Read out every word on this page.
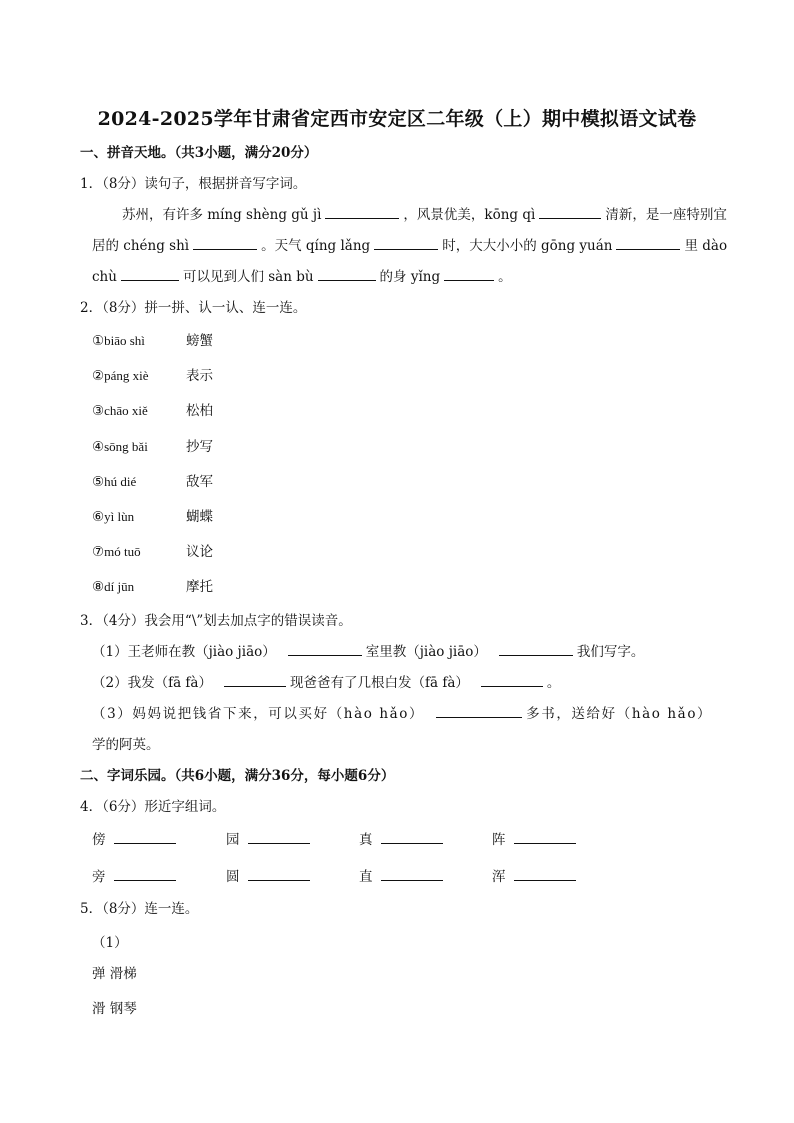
2024-2025学年甘肃省定西市安定区二年级（上）期中模拟语文试卷
一、拼音天地。（共3小题，满分20分）
1．（8分）读句子，根据拼音写字词。
苏州，有许多 míng shèng gǔ jì	，风景优美，kōng qì	清新，是一座特别宜
居的 chéng shì	。天气 qíng lǎng	时，大大小小的 gōng yuán	里 dào
chù	可以见到人们 sàn bù	的身 yǐng	。
2．（8分）拼一拼、认一认、连一连。
①biāo shì	螃蟹
②páng xiè	表示
③chāo xiě	松柏
④sōng bǎi	抄写
⑤hú dié	敌军
⑥yì lùn	蝴蝶
⑦mó tuō	议论
⑧dí jūn	摩托
3．（4分）我会用“\”划去加点字的错误读音。
（1）王老师在教（jiào jiāo）	室里教（jiào jiāo）	我们写字。
（2）我发（fā fà）	现爸爸有了几根白发（fā fà）	。
（3）妈妈说把钱省下来，可以买好（hào hǎo）	多书，送给好（hào hǎo）
学的阿英。
二、字词乐园。（共6小题，满分36分，每小题6分）
4．（6分）形近字组词。
傍	园	真	阵
旁	圆	直	浑
5．（8分）连一连。
（1）
弹 滑梯
滑 钢琴
